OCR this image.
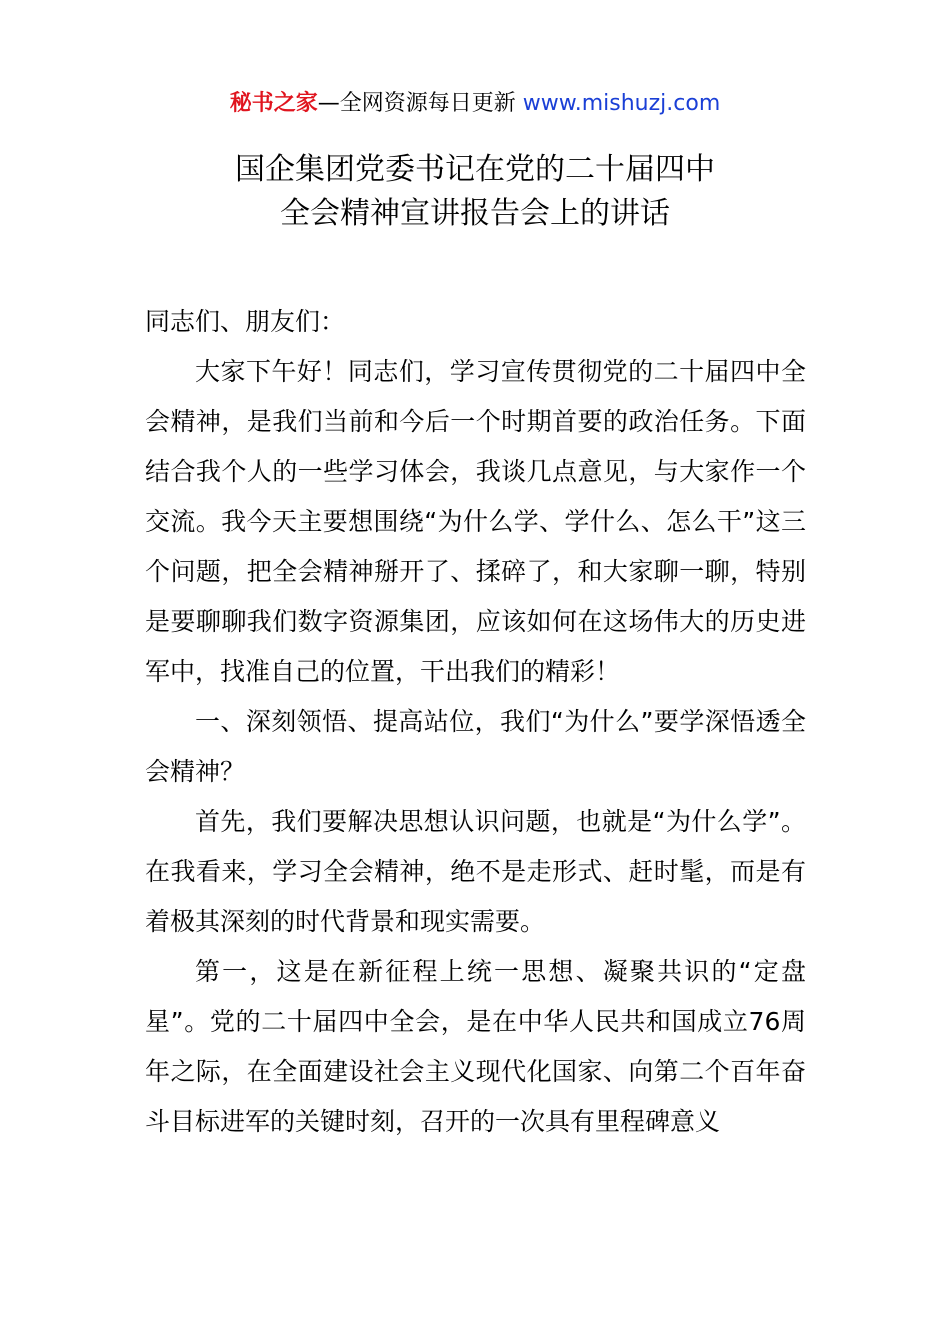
秘书之家—全网资源每日更新 www.mishuzj.com
国企集团党委书记在党的二十届四中
全会精神宣讲报告会上的讲话

同志们、朋友们：

大家下午好！同志们，学习宣传贯彻党的二十届四中全会精神，是我们当前和今后一个时期首要的政治任务。下面结合我个人的一些学习体会，我谈几点意见，与大家作一个交流。我今天主要想围绕“为什么学、学什么、怎么干”这三个问题，把全会精神掰开了、揉碎了，和大家聊一聊，特别是要聊聊我们数字资源集团，应该如何在这场伟大的历史进军中，找准自己的位置，干出我们的精彩！

一、深刻领悟、提高站位，我们“为什么”要学深悟透全会精神？

首先，我们要解决思想认识问题，也就是“为什么学”。在我看来，学习全会精神，绝不是走形式、赶时髦，而是有着极其深刻的时代背景和现实需要。

第一，这是在新征程上统一思想、凝聚共识的“定盘星”。党的二十届四中全会，是在中华人民共和国成立76周年之际，在全面建设社会主义现代化国家、向第二个百年奋斗目标进军的关键时刻，召开的一次具有里程碑意义
